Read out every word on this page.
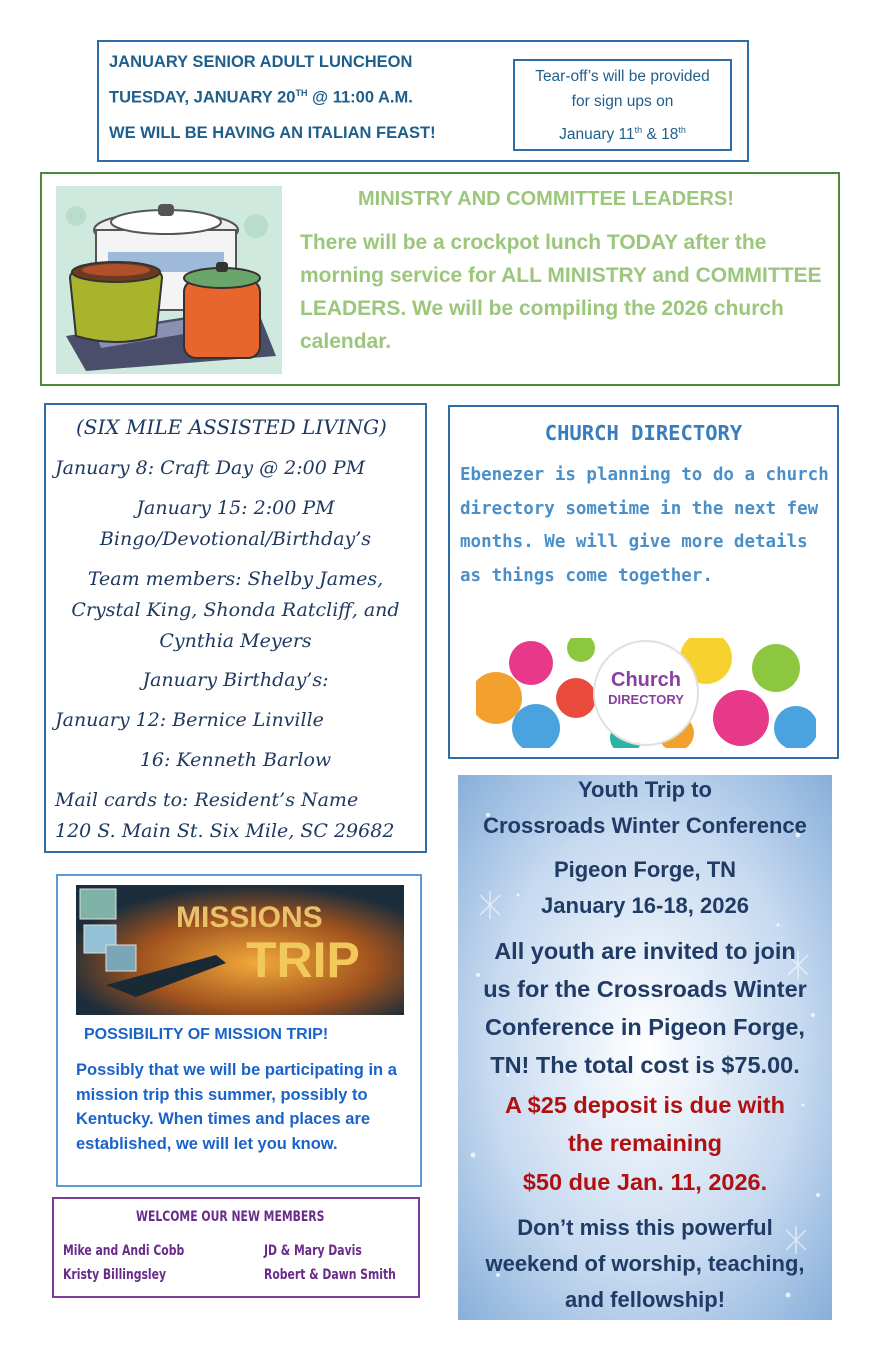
JANUARY SENIOR ADULT LUNCHEON
TUESDAY, JANUARY 20TH @ 11:00 A.M.
WE WILL BE HAVING AN ITALIAN FEAST!
Tear-off’s will be provided
for sign ups on
January 11th & 18th
MINISTRY AND COMMITTEE LEADERS!
There will be a crockpot lunch TODAY after the morning service for ALL MINISTRY and COMMITTEE LEADERS. We will be compiling the 2026 church calendar.
(SIX MILE ASSISTED LIVING)
January 8: Craft Day @ 2:00 PM
January 15: 2:00 PM
Bingo/Devotional/Birthday’s
Team members: Shelby James,
Crystal King, Shonda Ratcliff, and
Cynthia Meyers
January Birthday’s:
January 12: Bernice Linville
16: Kenneth Barlow
Mail cards to: Resident’s Name
120 S. Main St. Six Mile, SC 29682
CHURCH DIRECTORY
Ebenezer is planning to do a church directory sometime in the next few months. We will give more details as things come together.
Church
DIRECTORY
MISSIONS
TRIP
POSSIBILITY OF MISSION TRIP!
Possibly that we will be participating in a mission trip this summer, possibly to Kentucky. When times and places are established, we will let you know.
WELCOME OUR NEW MEMBERS
Mike and Andi Cobb
Kristy Billingsley
JD & Mary Davis
Robert & Dawn Smith
Youth Trip to
Crossroads Winter Conference
Pigeon Forge, TN
January 16-18, 2026
All youth are invited to join
us for the Crossroads Winter
Conference in Pigeon Forge,
TN! The total cost is $75.00.
A $25 deposit is due with
the remaining
$50 due Jan. 11, 2026.
Don’t miss this powerful
weekend of worship, teaching,
and fellowship!
